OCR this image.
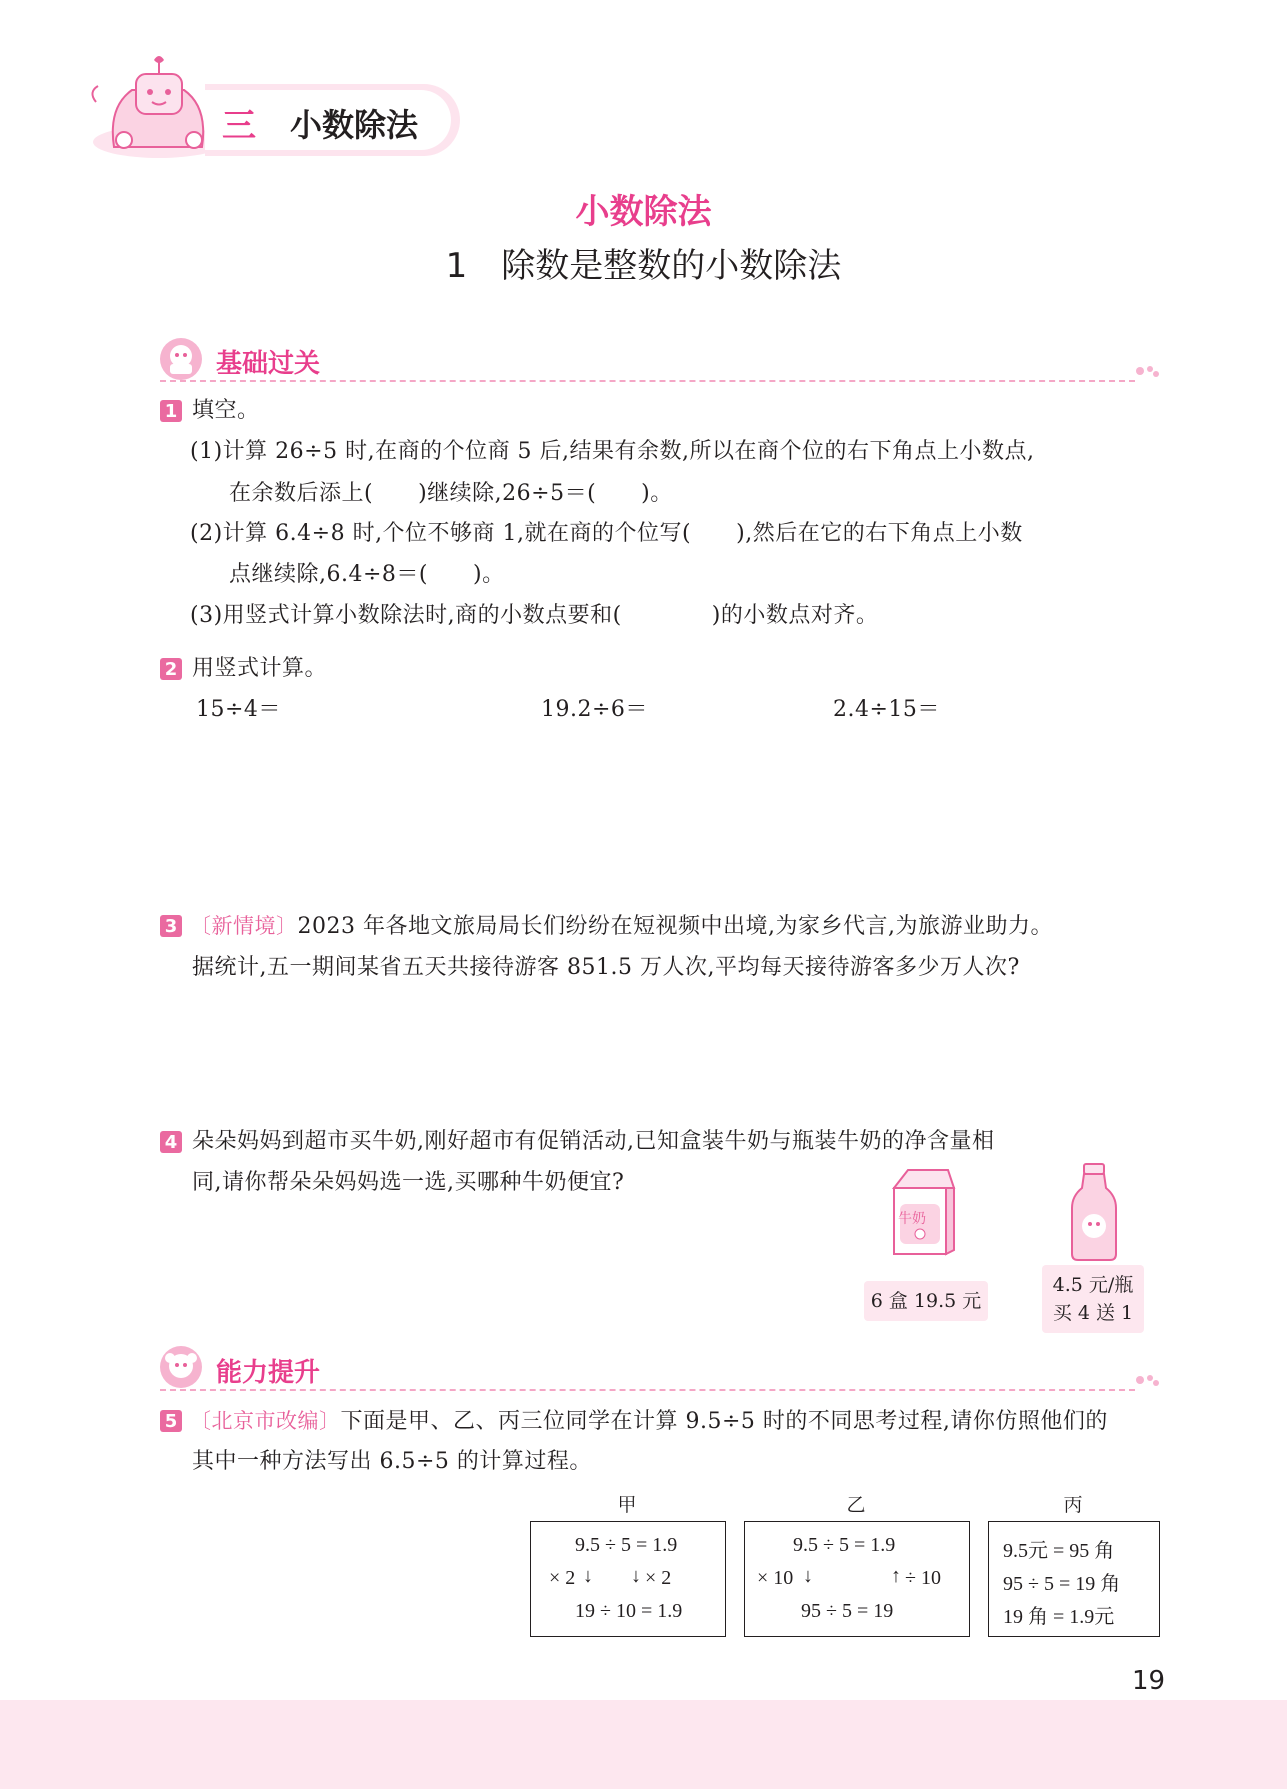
三 小数除法
小数除法
1　除数是整数的小数除法
基础过关
1 填空。
(1)计算 26÷5 时,在商的个位商 5 后,结果有余数,所以在商个位的右下角点上小数点,
在余数后添上(　　)继续除,26÷5＝(　　)。
(2)计算 6.4÷8 时,个位不够商 1,就在商的个位写(　　),然后在它的右下角点上小数
点继续除,6.4÷8＝(　　)。
(3)用竖式计算小数除法时,商的小数点要和(　　　　)的小数点对齐。
2 用竖式计算。
15÷4＝	19.2÷6＝	2.4÷15＝
3 〔新情境〕2023 年各地文旅局局长们纷纷在短视频中出境,为家乡代言,为旅游业助力。
据统计,五一期间某省五天共接待游客 851.5 万人次,平均每天接待游客多少万人次?
4 朵朵妈妈到超市买牛奶,刚好超市有促销活动,已知盒装牛奶与瓶装牛奶的净含量相
同,请你帮朵朵妈妈选一选,买哪种牛奶便宜?
牛奶
6 盒 19.5 元
4.5 元/瓶
买 4 送 1
能力提升
5 〔北京市改编〕下面是甲、乙、丙三位同学在计算 9.5÷5 时的不同思考过程,请你仿照他们的
其中一种方法写出 6.5÷5 的计算过程。
甲	乙	丙
9.5 ÷ 5 = 1.9
× 2 ↓ ↓ × 2
19 ÷ 10 = 1.9
9.5 ÷ 5 = 1.9
× 10 ↓	↑ ÷ 10
95 ÷ 5 = 19
9.5元 = 95 角
95 ÷ 5 = 19 角
19 角 = 1.9元
19
